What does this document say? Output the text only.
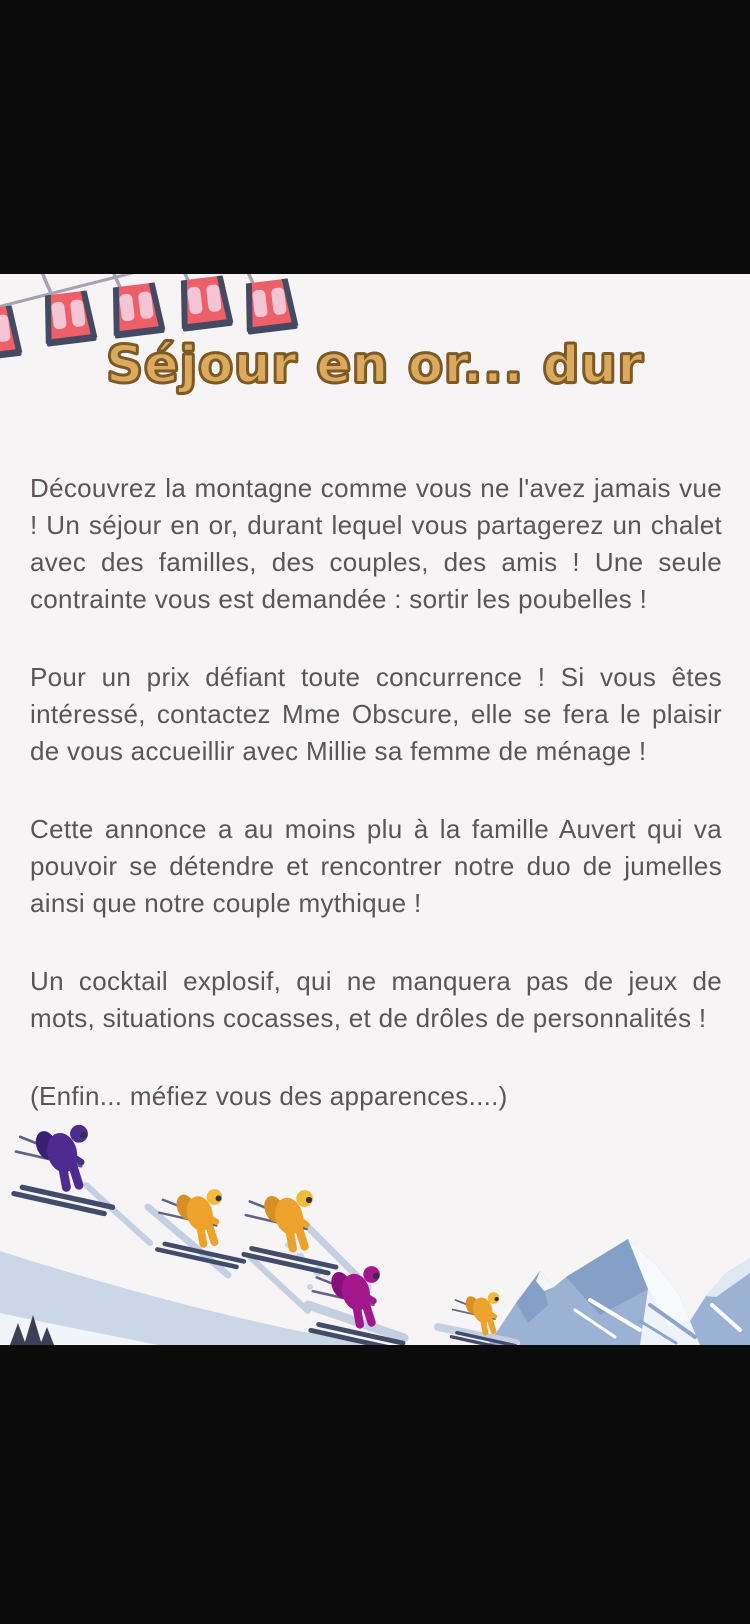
Séjour en or... dur

Découvrez la montagne comme vous ne l'avez jamais vue ! Un séjour en or, durant lequel vous partagerez un chalet avec des familles, des couples, des amis ! Une seule contrainte vous est demandée : sortir les poubelles !

Pour un prix défiant toute concurrence ! Si vous êtes intéressé, contactez Mme Obscure, elle se fera le plaisir de vous accueillir avec Millie sa femme de ménage !

Cette annonce a au moins plu à la famille Auvert qui va pouvoir se détendre et rencontrer notre duo de jumelles ainsi que notre couple mythique !

Un cocktail explosif, qui ne manquera pas de jeux de mots, situations cocasses, et de drôles de personnalités !

(Enfin... méfiez vous des apparences....)
